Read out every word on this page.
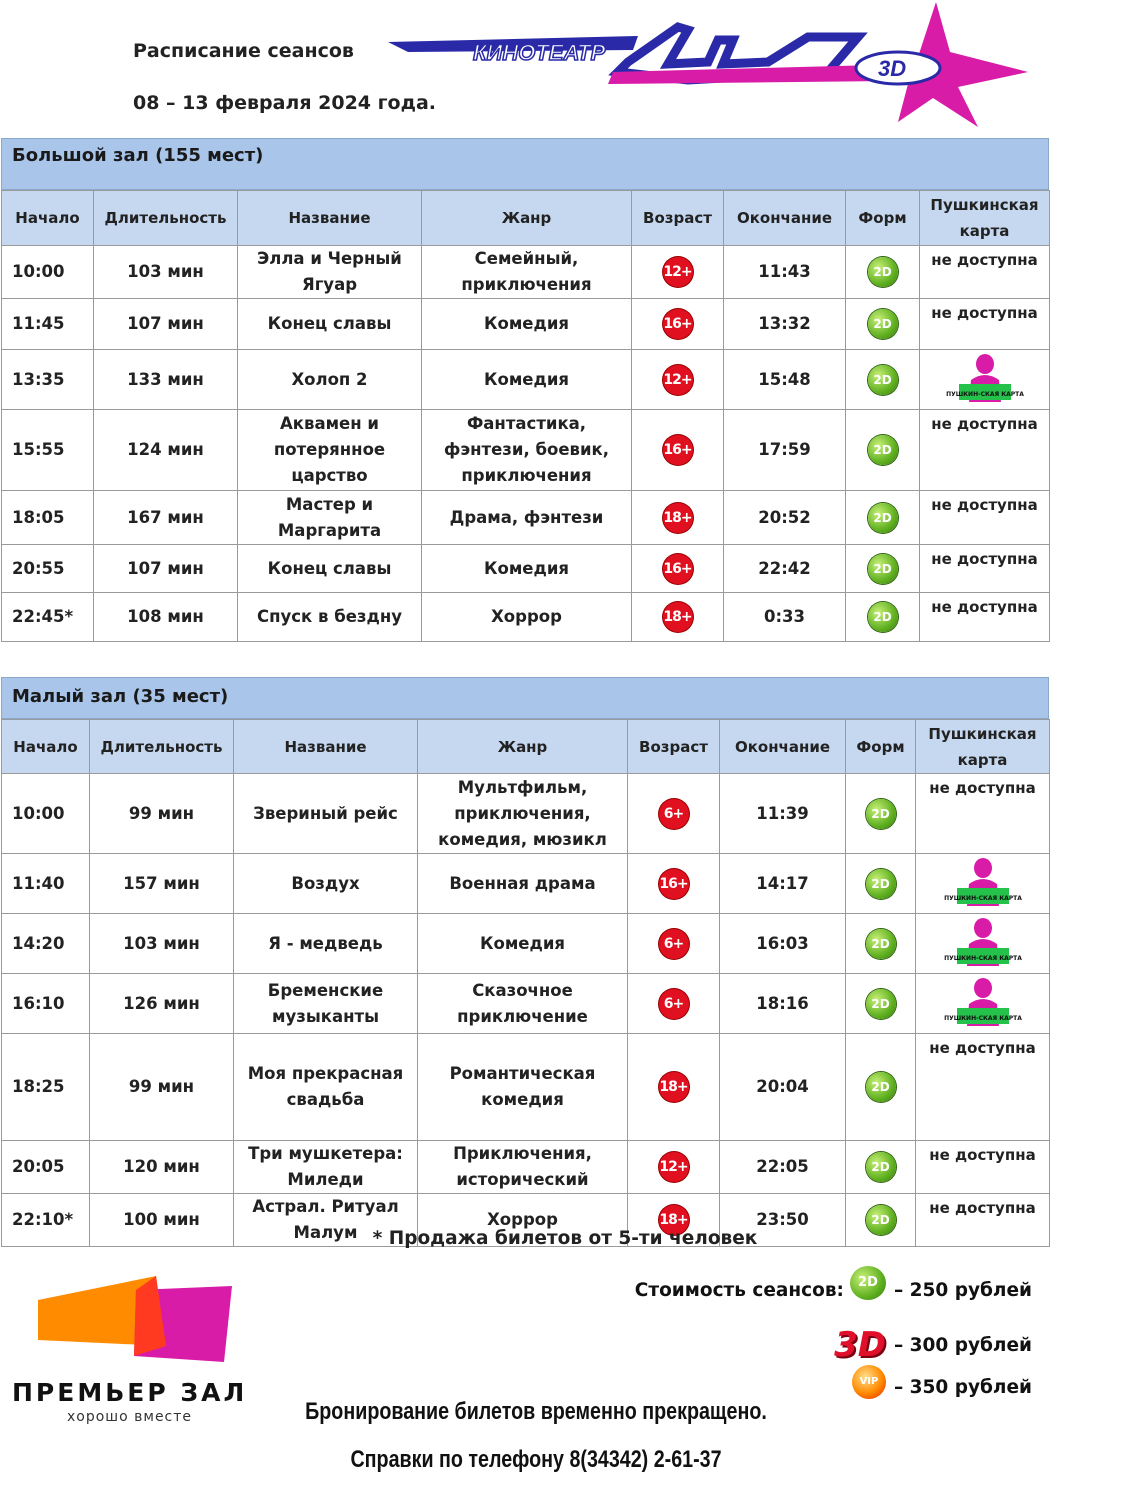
Расписание сеансов
08 – 13 февраля 2024 года.
КИНОТЕАТР
3D
Луч
Большой зал (155 мест)
Начало	Длительность	Название	Жанр	Возраст	Окончание	Форм	Пушкинская карта
10:00	103 мин	Элла и Черный Ягуар	Семейный, приключения	12+	11:43	2D	не доступна
11:45	107 мин	Конец славы	Комедия	16+	13:32	2D	не доступна
13:35	133 мин	Холоп 2	Комедия	12+	15:48	2D	ПУШКИН-СКАЯ КАРТА

15:55	124 мин	Аквамен и потерянное царство	Фантастика, фэнтези, боевик, приключения	16+	17:59	2D	не доступна
18:05	167 мин	Мастер и Маргарита	Драма, фэнтези	18+	20:52	2D	не доступна
20:55	107 мин	Конец славы	Комедия	16+	22:42	2D	не доступна
22:45*	108 мин	Спуск в бездну	Хоррор	18+	0:33	2D	не доступна
Малый зал (35 мест)
Начало	Длительность	Название	Жанр	Возраст	Окончание	Форм	Пушкинская карта
10:00	99 мин	Звериный рейс	Мультфильм, приключения, комедия, мюзикл	6+	11:39	2D	не доступна
11:40	157 мин	Воздух	Военная драма	16+	14:17	2D	ПУШКИН-СКАЯ КАРТА

14:20	103 мин	Я - медведь	Комедия	6+	16:03	2D	ПУШКИН-СКАЯ КАРТА

16:10	126 мин	Бременские музыканты	Сказочное приключение	6+	18:16	2D	ПУШКИН-СКАЯ КАРТА

18:25	99 мин	Моя прекрасная свадьба	Романтическая комедия	18+	20:04	2D	не доступна
20:05	120 мин	Три мушкетера: Миледи	Приключения, исторический	12+	22:05	2D	не доступна
22:10*	100 мин	Астрал. Ритуал Малум	Хоррор	18+	23:50	2D	не доступна
* Продажа билетов от 5-ти человек
ПРЕМЬЕР ЗАЛ
хорошо вместе
Стоимость сеансов:	2D – 250 рублей
3D – 300 рублей
VIP – 350 рублей
Бронирование билетов временно прекращено.
Справки по телефону 8(34342) 2-61-37
